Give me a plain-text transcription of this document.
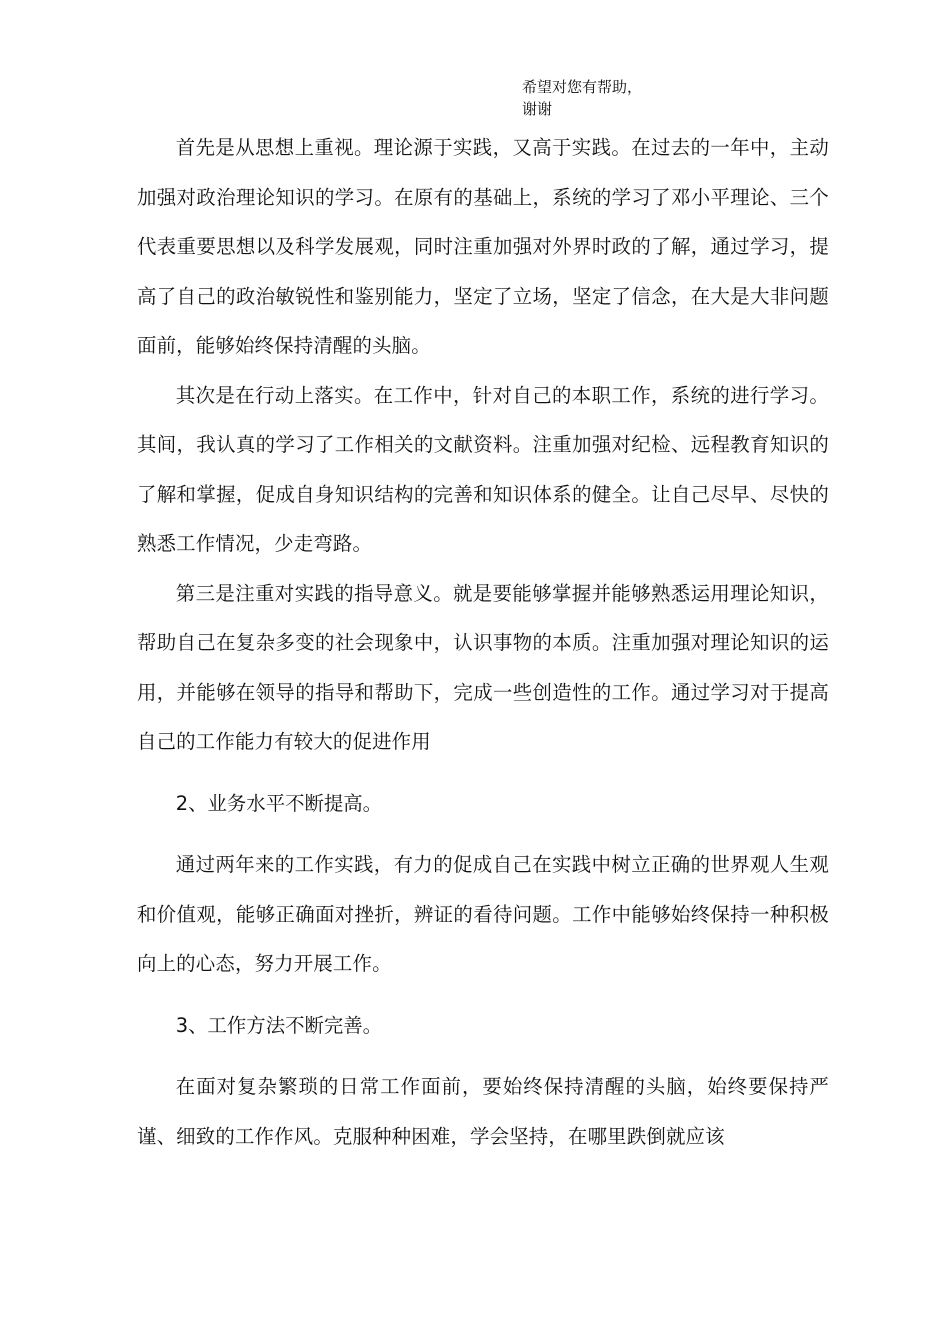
希望对您有帮助，
谢谢

首先是从思想上重视。理论源于实践，又高于实践。在过去的一年中，主动加强对政治理论知识的学习。在原有的基础上，系统的学习了邓小平理论、三个代表重要思想以及科学发展观，同时注重加强对外界时政的了解，通过学习，提高了自己的政治敏锐性和鉴别能力，坚定了立场，坚定了信念，在大是大非问题面前，能够始终保持清醒的头脑。

其次是在行动上落实。在工作中，针对自己的本职工作，系统的进行学习。其间，我认真的学习了工作相关的文献资料。注重加强对纪检、远程教育知识的了解和掌握，促成自身知识结构的完善和知识体系的健全。让自己尽早、尽快的熟悉工作情况，少走弯路。

第三是注重对实践的指导意义。就是要能够掌握并能够熟悉运用理论知识，帮助自己在复杂多变的社会现象中，认识事物的本质。注重加强对理论知识的运用，并能够在领导的指导和帮助下，完成一些创造性的工作。通过学习对于提高自己的工作能力有较大的促进作用

2、业务水平不断提高。

通过两年来的工作实践，有力的促成自己在实践中树立正确的世界观人生观和价值观，能够正确面对挫折，辨证的看待问题。工作中能够始终保持一种积极向上的心态，努力开展工作。

3、工作方法不断完善。

在面对复杂繁琐的日常工作面前，要始终保持清醒的头脑，始终要保持严谨、细致的工作作风。克服种种困难，学会坚持，在哪里跌倒就应该
